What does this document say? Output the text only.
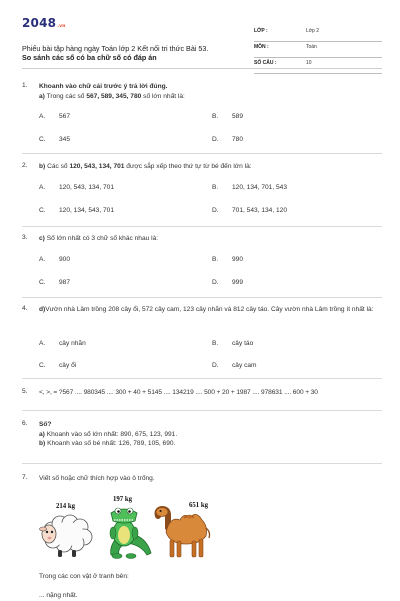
2048.vn
Phiếu bài tập hàng ngày Toán lớp 2 Kết nối tri thức Bài 53.
So sánh các số có ba chữ số có đáp án
LỚP :	Lớp 2
MÔN :	Toán
SỐ CÂU :	10
1. Khoanh vào chữ cái trước ý trả lời đúng.
a) Trong các số 567, 589, 345, 780 số lớn nhất là:
A. 567	B. 589
C. 345	D. 780
2. b) Các số 120, 543, 134, 701 được sắp xếp theo thứ tự từ bé đến lớn là:
A. 120, 543, 134, 701	B. 120, 134, 701, 543
C. 120, 134, 543, 701	D. 701, 543, 134, 120
3. c) Số lớn nhất có 3 chữ số khác nhau là:
A. 900	B. 990
C. 987	D. 999
4. d)Vườn nhà Lâm trồng 208 cây ổi, 572 cây cam, 123 cây nhãn và 812 cây táo. Cây vườn nhà Lâm trồng ít nhất là:
A. cây nhãn	B. cây táo
C. cây ổi	D. cây cam
5. <, >, = ?567 .... 980345 .... 300 + 40 + 5145 .... 134219 .... 500 + 20 + 1987 .... 978631 .... 600 + 30
6. Số?
a) Khoanh vào số lớn nhất: 890, 675, 123, 991.
b) Khoanh vào số bé nhất: 126, 789, 105, 690.
7. Viết số hoặc chữ thích hợp vào ô trống.
214 kg
197 kg
651 kg
Trong các con vật ở tranh bên:
... nặng nhất.
